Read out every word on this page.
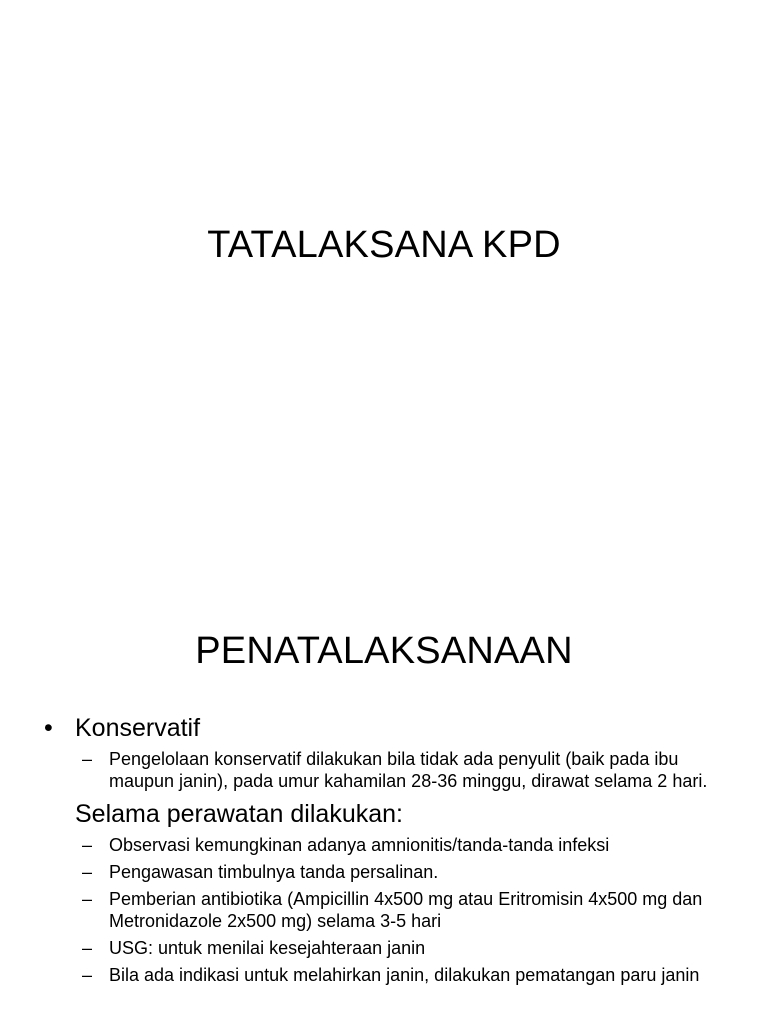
TATALAKSANA KPD
PENATALAKSANAAN
• Konservatif
– Pengelolaan konservatif dilakukan bila tidak ada penyulit (baik pada ibu maupun janin), pada umur kahamilan 28-36 minggu, dirawat selama 2 hari.
Selama perawatan dilakukan:
– Observasi kemungkinan adanya amnionitis/tanda-tanda infeksi
– Pengawasan timbulnya tanda persalinan.
– Pemberian antibiotika (Ampicillin 4x500 mg atau Eritromisin 4x500 mg dan Metronidazole 2x500 mg) selama 3-5 hari
– USG: untuk menilai kesejahteraan janin
– Bila ada indikasi untuk melahirkan janin, dilakukan pematangan paru janin
